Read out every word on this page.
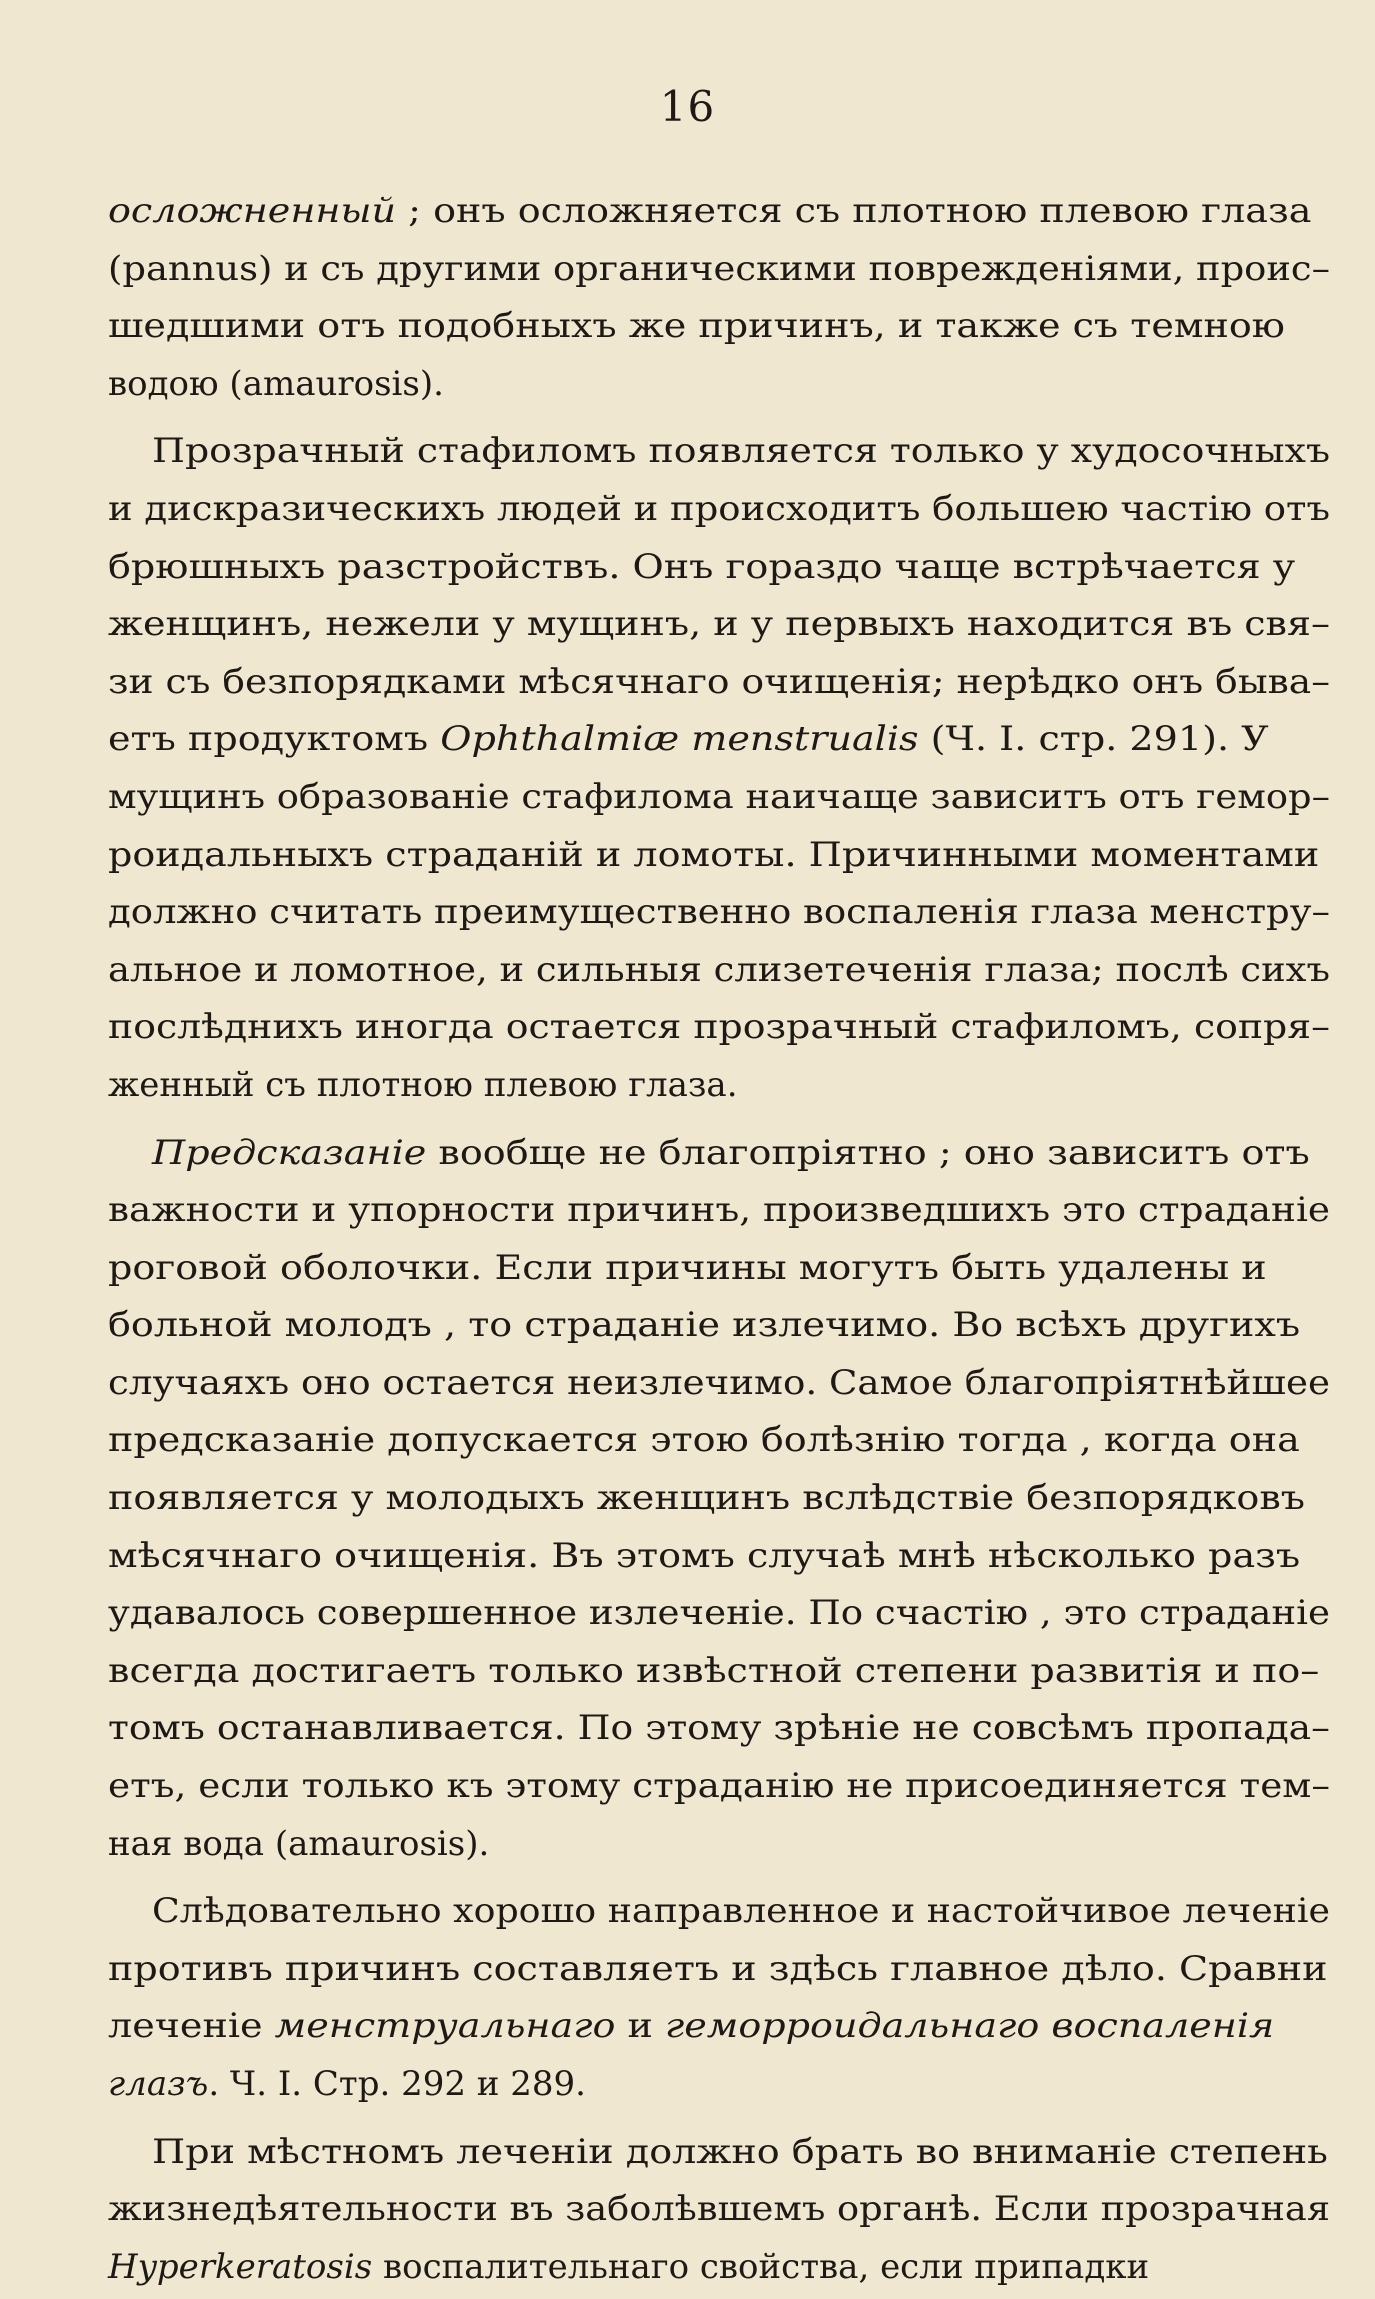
16
осложненный ; онъ осложняется съ плотною плевою глаза
(pannus) и съ другими органическими поврежденіями, проис–
шедшими отъ подобныхъ же причинъ, и также съ темною
водою (amaurosis).
Прозрачный стафиломъ появляется только у худосочныхъ
и дискразическихъ людей и происходитъ большею частію отъ
брюшныхъ разстройствъ. Онъ гораздо чаще встрѣчается у
женщинъ, нежели у мущинъ, и у первыхъ находится въ свя–
зи съ безпорядками мѣсячнаго очищенія; нерѣдко онъ быва–
етъ продуктомъ Ophthalmiæ menstrualis (Ч. I. стр. 291). У
мущинъ образованіе стафилома наичаще зависитъ отъ гемор–
роидальныхъ страданій и ломоты. Причинными моментами
должно считать преимущественно воспаленія глаза менстру–
альное и ломотное, и сильныя слизетеченія глаза; послѣ сихъ
послѣднихъ иногда остается прозрачный стафиломъ, сопря–
женный съ плотною плевою глаза.
Предсказаніе вообще не благопріятно ; оно зависитъ отъ
важности и упорности причинъ, произведшихъ это страданіе
роговой оболочки. Если причины могутъ быть удалены и
больной молодъ , то страданіе излечимо. Во всѣхъ другихъ
случаяхъ оно остается неизлечимо. Самое благопріятнѣйшее
предсказаніе допускается этою болѣзнію тогда , когда она
появляется у молодыхъ женщинъ вслѣдствіе безпорядковъ
мѣсячнаго очищенія. Въ этомъ случаѣ мнѣ нѣсколько разъ
удавалось совершенное излеченіе. По счастію , это страданіе
всегда достигаетъ только извѣстной степени развитія и по–
томъ останавливается. По этому зрѣніе не совсѣмъ пропада–
етъ, если только къ этому страданію не присоединяется тем–
ная вода (amaurosis).
Слѣдовательно хорошо направленное и настойчивое леченіе
противъ причинъ составляетъ и здѣсь главное дѣло. Сравни
леченіе менструальнаго и геморроидальнаго воспаленія
глазъ. Ч. I. Стр. 292 и 289.
При мѣстномъ леченіи должно брать во вниманіе степень
жизнедѣятельности въ заболѣвшемъ органѣ. Если прозрачная
Hyperkeratosis воспалительнаго свойства, если припадки
